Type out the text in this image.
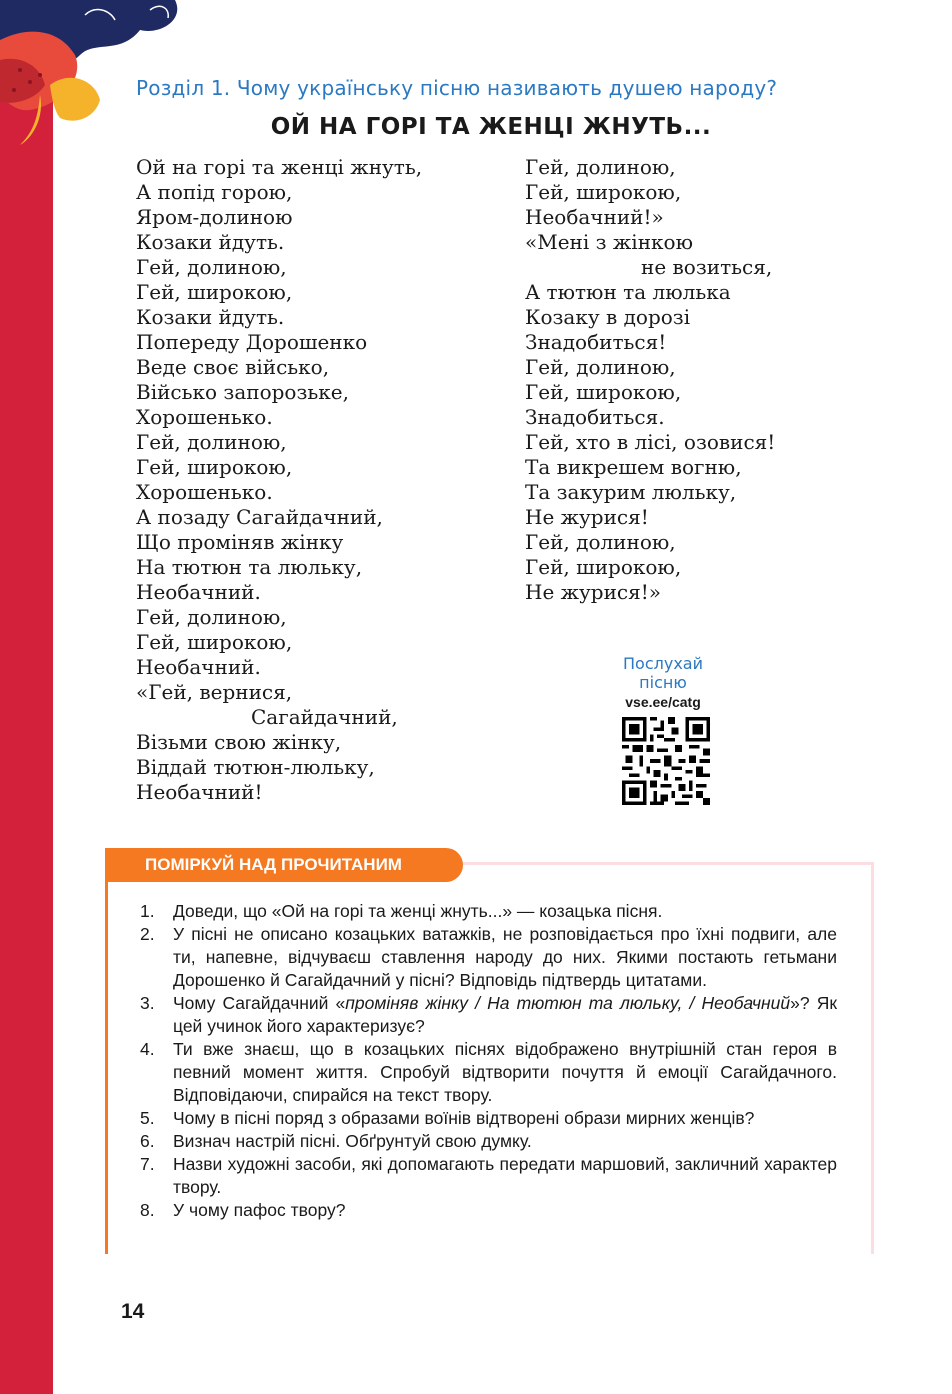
Розділ 1. Чому українську пісню називають душею народу?
ОЙ НА ГОРІ ТА ЖЕНЦІ ЖНУТЬ...
Ой на горі та женці жнуть,
А попід горою,
Яром-долиною
Козаки йдуть.
Гей, долиною,
Гей, широкою,
Козаки йдуть.
Попереду Дорошенко
Веде своє військо,
Військо запорозьке,
Хорошенько.
Гей, долиною,
Гей, широкою,
Хорошенько.
А позаду Сагайдачний,
Що проміняв жінку
На тютюн та люльку,
Необачний.
Гей, долиною,
Гей, широкою,
Необачний.
«Гей, вернися,
Сагайдачний,
Візьми свою жінку,
Віддай тютюн-люльку,
Необачний!
Гей, долиною,
Гей, широкою,
Необачний!»
«Мені з жінкою
не возиться,
А тютюн та люлька
Козаку в дорозі
Знадобиться!
Гей, долиною,
Гей, широкою,
Знадобиться.
Гей, хто в лісі, озовися!
Та викрешем вогню,
Та закурим люльку,
Не журися!
Гей, долиною,
Гей, широкою,
Не журися!»
Послухай
пісню
vse.ee/catg
ПОМІРКУЙ НАД ПРОЧИТАНИМ
1.	Доведи, що «Ой на горі та женці жнуть...» — козацька пісня.
2.	У пісні не описано козацьких ватажків, не розповідається про їхні подвиги, але ти, напевне, відчуваєш ставлення народу до них. Якими постають гетьмани Дорошенко й Сагайдачний у пісні? Відповідь підтвердь цитатами.
3.	Чому Сагайдачний «проміняв жінку / На тютюн та люльку, / Необачний»? Як цей учинок його характеризує?
4.	Ти вже знаєш, що в козацьких піснях відображено внутрішній стан героя в певний момент життя. Спробуй відтворити почуття й емоції Сагайдачного. Відповідаючи, спирайся на текст твору.
5.	Чому в пісні поряд з образами воїнів відтворені образи мирних женців?
6.	Визнач настрій пісні. Обґрунтуй свою думку.
7.	Назви художні засоби, які допомагають передати маршовий, закличний характер твору.
8.	У чому пафос твору?
14
